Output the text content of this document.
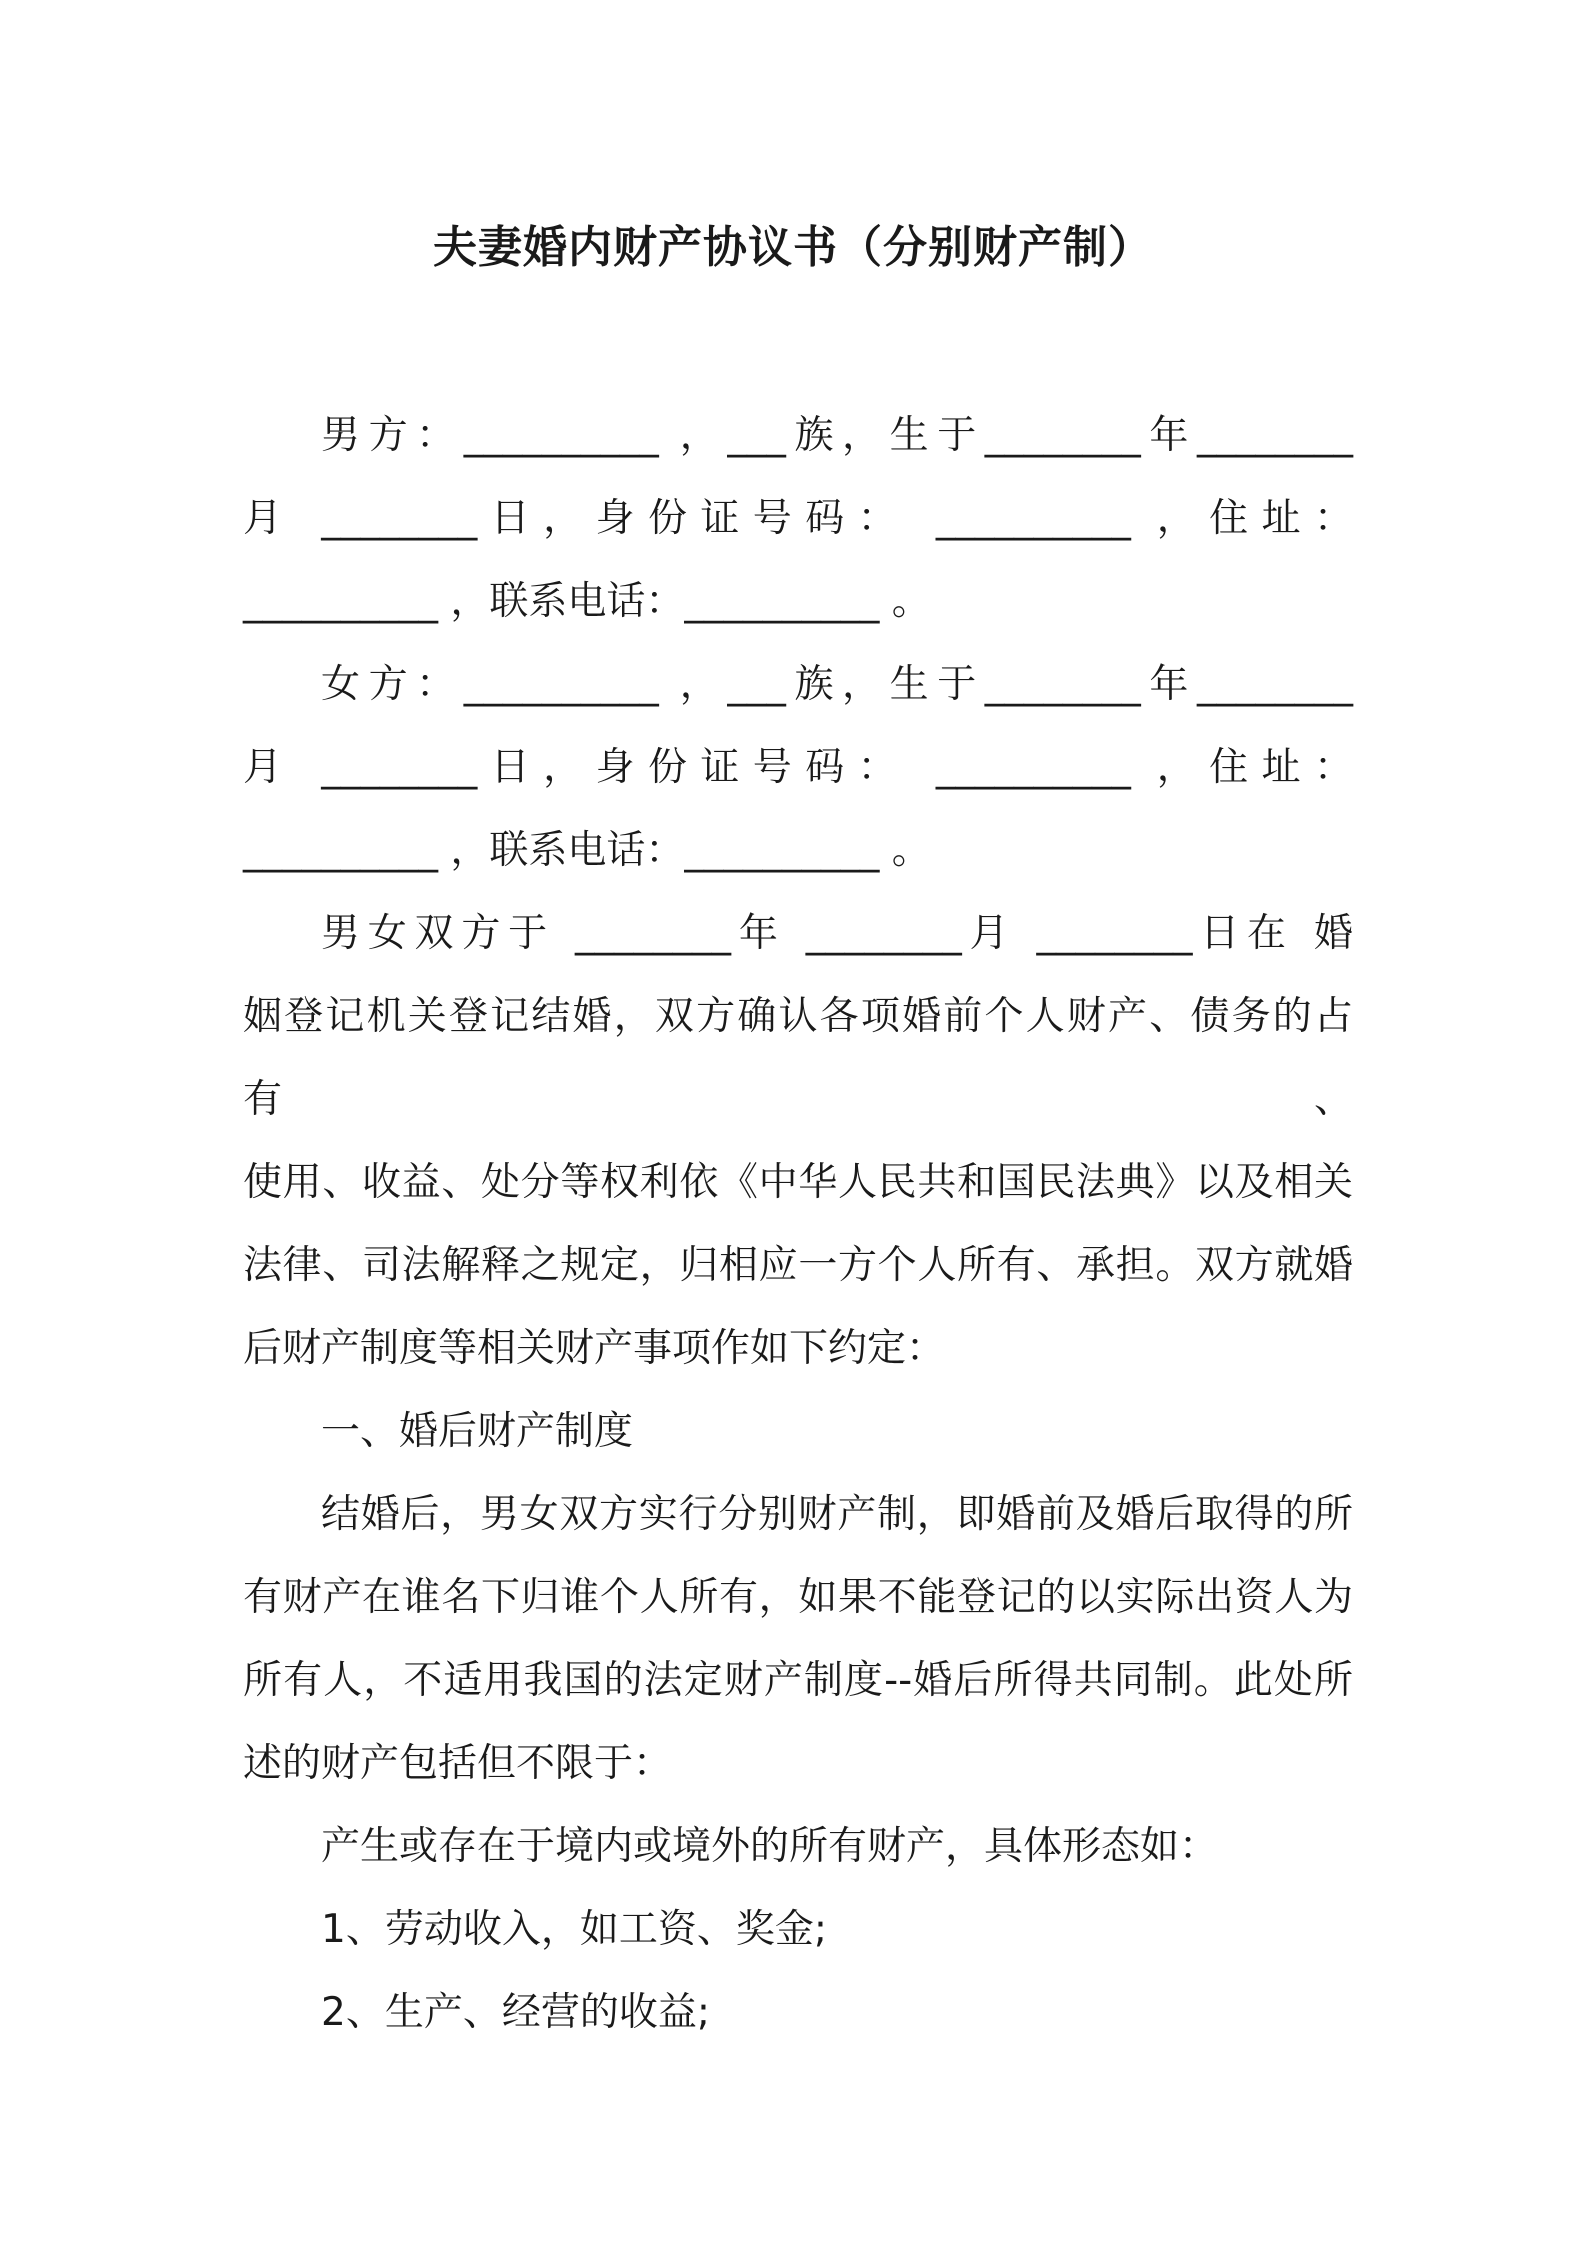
夫妻婚内财产协议书（分别财产制）

男方：__________ ，___族，生于________年________

月 ________日，身份证号码： __________ ，住址：

__________ ，联系电话：__________ 。

女方：__________ ，___族，生于________年________

月 ________日，身份证号码： __________ ，住址：

__________ ，联系电话：__________ 。

男女双方于 ________年 ________月 ________日在 婚

姻登记机关登记结婚，双方确认各项婚前个人财产、债务的占有、

使用、收益、处分等权利依《中华人民共和国民法典》以及相关

法律、司法解释之规定，归相应一方个人所有、承担。双方就婚

后财产制度等相关财产事项作如下约定：

一、婚后财产制度

结婚后，男女双方实行分别财产制，即婚前及婚后取得的所

有财产在谁名下归谁个人所有，如果不能登记的以实际出资人为

所有人，不适用我国的法定财产制度--婚后所得共同制。此处所

述的财产包括但不限于：

产生或存在于境内或境外的所有财产，具体形态如：

1、劳动收入，如工资、奖金;

2、生产、经营的收益;
